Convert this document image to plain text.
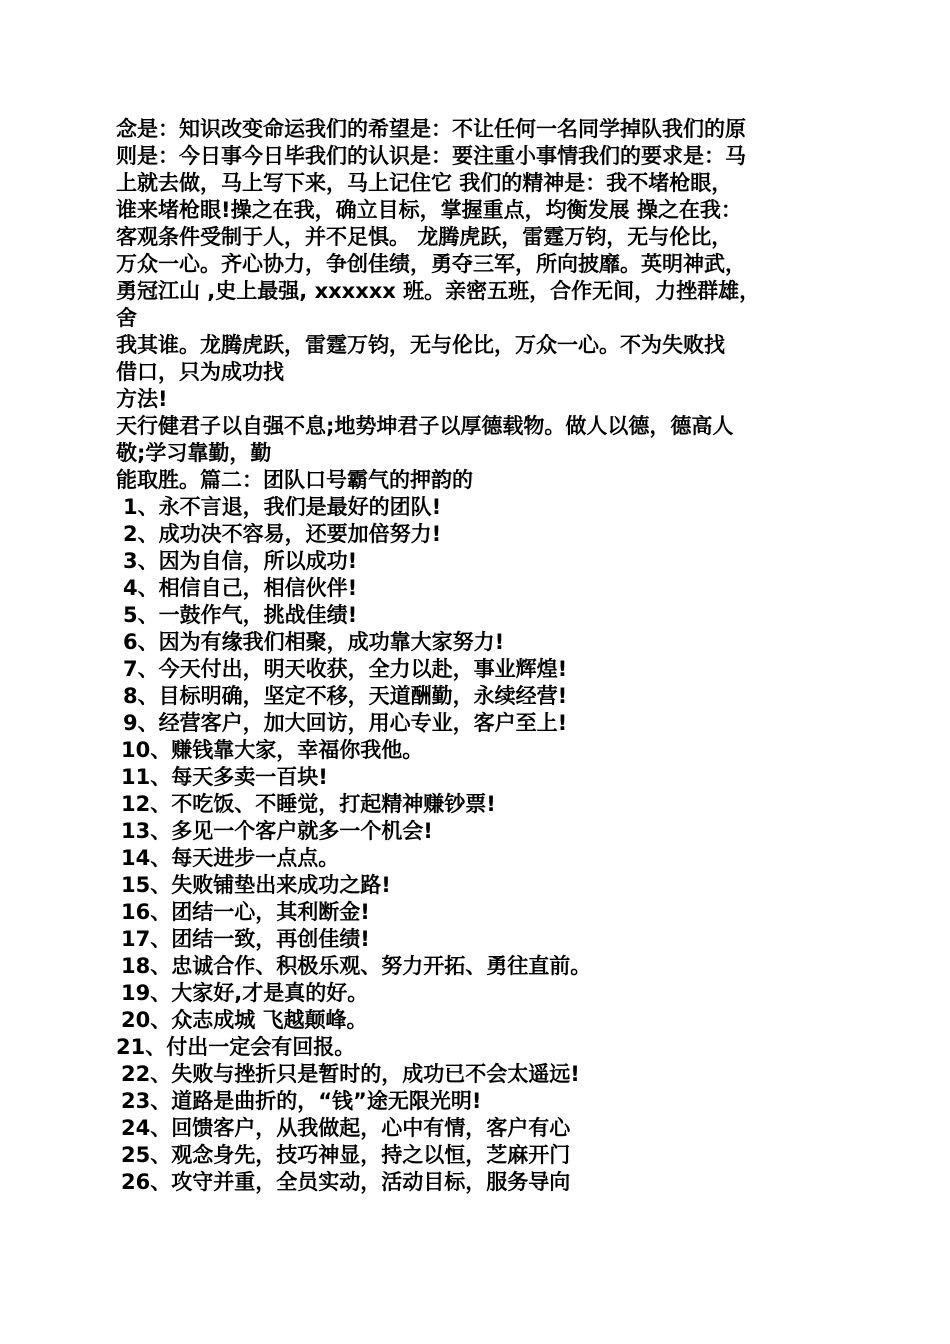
念是：知识改变命运我们的希望是：不让任何一名同学掉队我们的原
则是：今日事今日毕我们的认识是：要注重小事情我们的要求是：马
上就去做，马上写下来，马上记住它 我们的精神是：我不堵枪眼，
谁来堵枪眼!操之在我，确立目标，掌握重点，均衡发展 操之在我：
客观条件受制于人，并不足惧。 龙腾虎跃，雷霆万钧，无与伦比，
万众一心。齐心协力，争创佳绩，勇夺三军，所向披靡。英明神武，
勇冠江山 ,史上最强, xxxxxx 班。亲密五班，合作无间，力挫群雄，
舍
我其谁。龙腾虎跃，雷霆万钧，无与伦比，万众一心。不为失败找
借口，只为成功找
方法!
天行健君子以自强不息;地势坤君子以厚德载物。做人以德，德高人
敬;学习靠勤，勤
能取胜。篇二：团队口号霸气的押韵的
1、永不言退，我们是最好的团队!
2、成功决不容易，还要加倍努力!
3、因为自信，所以成功!
4、相信自己，相信伙伴!
5、一鼓作气，挑战佳绩!
6、因为有缘我们相聚，成功靠大家努力!
7、今天付出，明天收获，全力以赴，事业辉煌!
8、目标明确，坚定不移，天道酬勤，永续经营!
9、经营客户，加大回访，用心专业，客户至上!
10、赚钱靠大家，幸福你我他。
11、每天多卖一百块!
12、不吃饭、不睡觉，打起精神赚钞票!
13、多见一个客户就多一个机会!
14、每天进步一点点。
15、失败铺垫出来成功之路!
16、团结一心，其利断金!
17、团结一致，再创佳绩!
18、忠诚合作、积极乐观、努力开拓、勇往直前。
19、大家好,才是真的好。
20、众志成城 飞越颠峰。
21、付出一定会有回报。
22、失败与挫折只是暂时的，成功已不会太遥远!
23、道路是曲折的，“钱”途无限光明!
24、回馈客户，从我做起，心中有情，客户有心
25、观念身先，技巧神显，持之以恒，芝麻开门
26、攻守并重，全员实动，活动目标，服务导向
